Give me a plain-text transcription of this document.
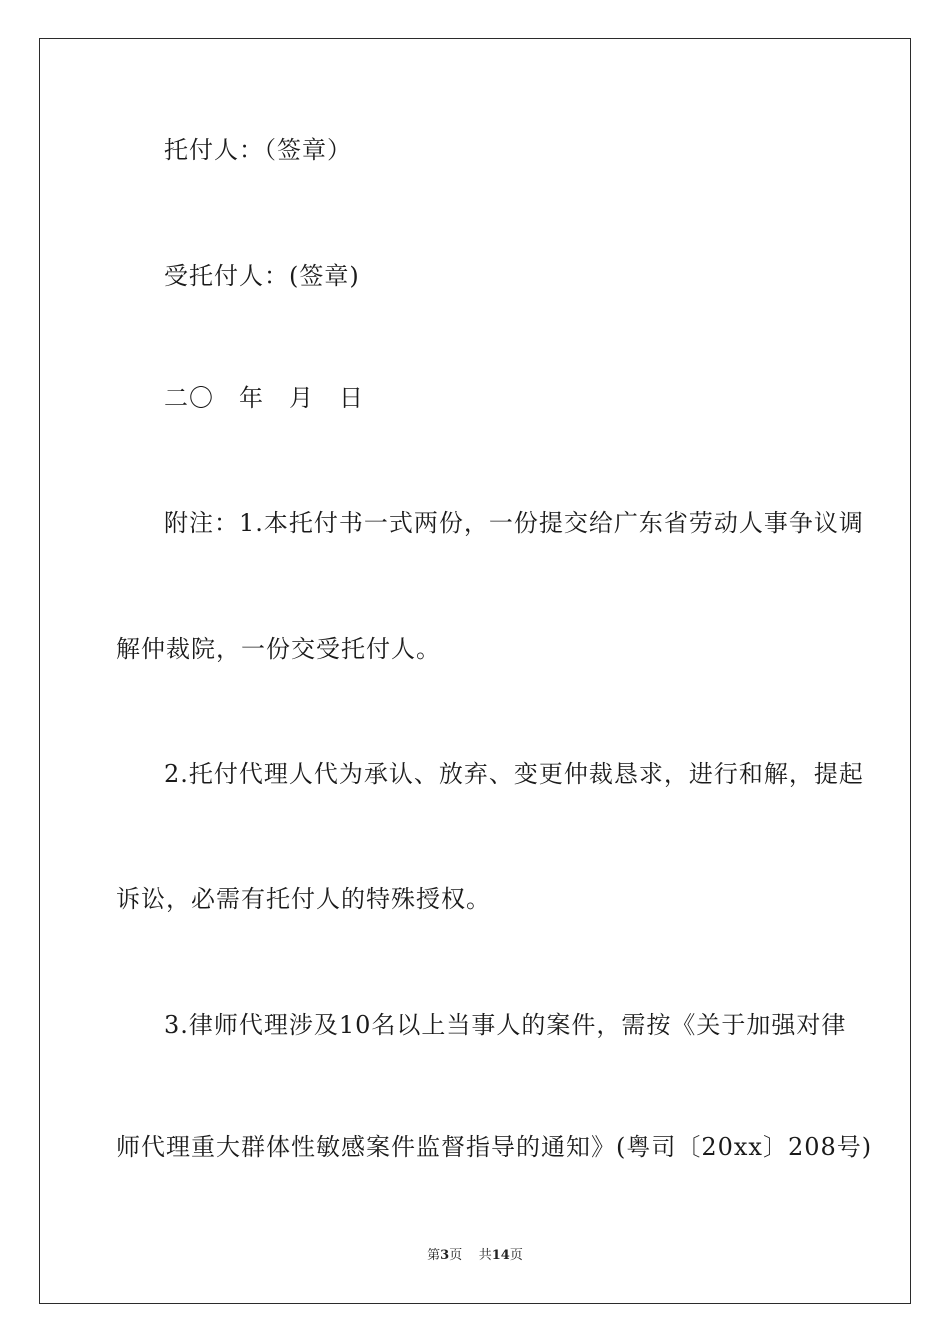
托付人：（签章）
受托付人：(签章)
二〇　年　月　日
附注：1.本托付书一式两份，一份提交给广东省劳动人事争议调
解仲裁院，一份交受托付人。
2.托付代理人代为承认、放弃、变更仲裁恳求，进行和解，提起
诉讼，必需有托付人的特殊授权。
3.律师代理涉及10名以上当事人的案件，需按《关于加强对律
师代理重大群体性敏感案件监督指导的通知》(粤司〔20xx〕208号)
第3页 共14页
